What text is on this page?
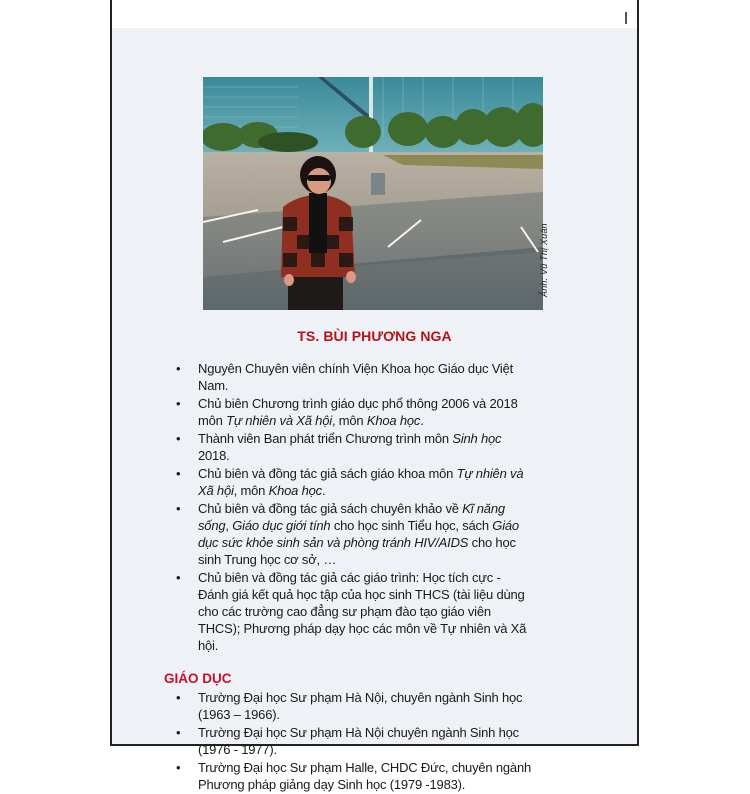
Ảnh: Vũ Thị Xuân
TS. BÙI PHƯƠNG NGA
• Nguyên Chuyên viên chính Viện Khoa học Giáo dục Việt Nam.
• Chủ biên Chương trình giáo dục phổ thông 2006 và 2018 môn Tự nhiên và Xã hội, môn Khoa học.
• Thành viên Ban phát triển Chương trình môn Sinh học 2018.
• Chủ biên và đồng tác giả sách giáo khoa môn Tự nhiên và Xã hội, môn Khoa học.
• Chủ biên và đồng tác giả sách chuyên khảo về Kĩ năng sống, Giáo dục giới tính cho học sinh Tiểu học, sách Giáo dục sức khỏe sinh sản và phòng tránh HIV/AIDS cho học sinh Trung học cơ sở, …
• Chủ biên và đồng tác giả các giáo trình: Học tích cực - Đánh giá kết quả học tập của học sinh THCS (tài liệu dùng cho các trường cao đẳng sư phạm đào tạo giáo viên THCS); Phương pháp dạy học các môn về Tự nhiên và Xã hội.
GIÁO DỤC
• Trường Đại học Sư phạm Hà Nội, chuyên ngành Sinh học (1963 – 1966).
• Trường Đại học Sư phạm Hà Nội chuyên ngành Sinh học (1976 - 1977).
• Trường Đại học Sư phạm Halle, CHDC Đức, chuyên ngành Phương pháp giảng dạy Sinh học (1979 -1983).
